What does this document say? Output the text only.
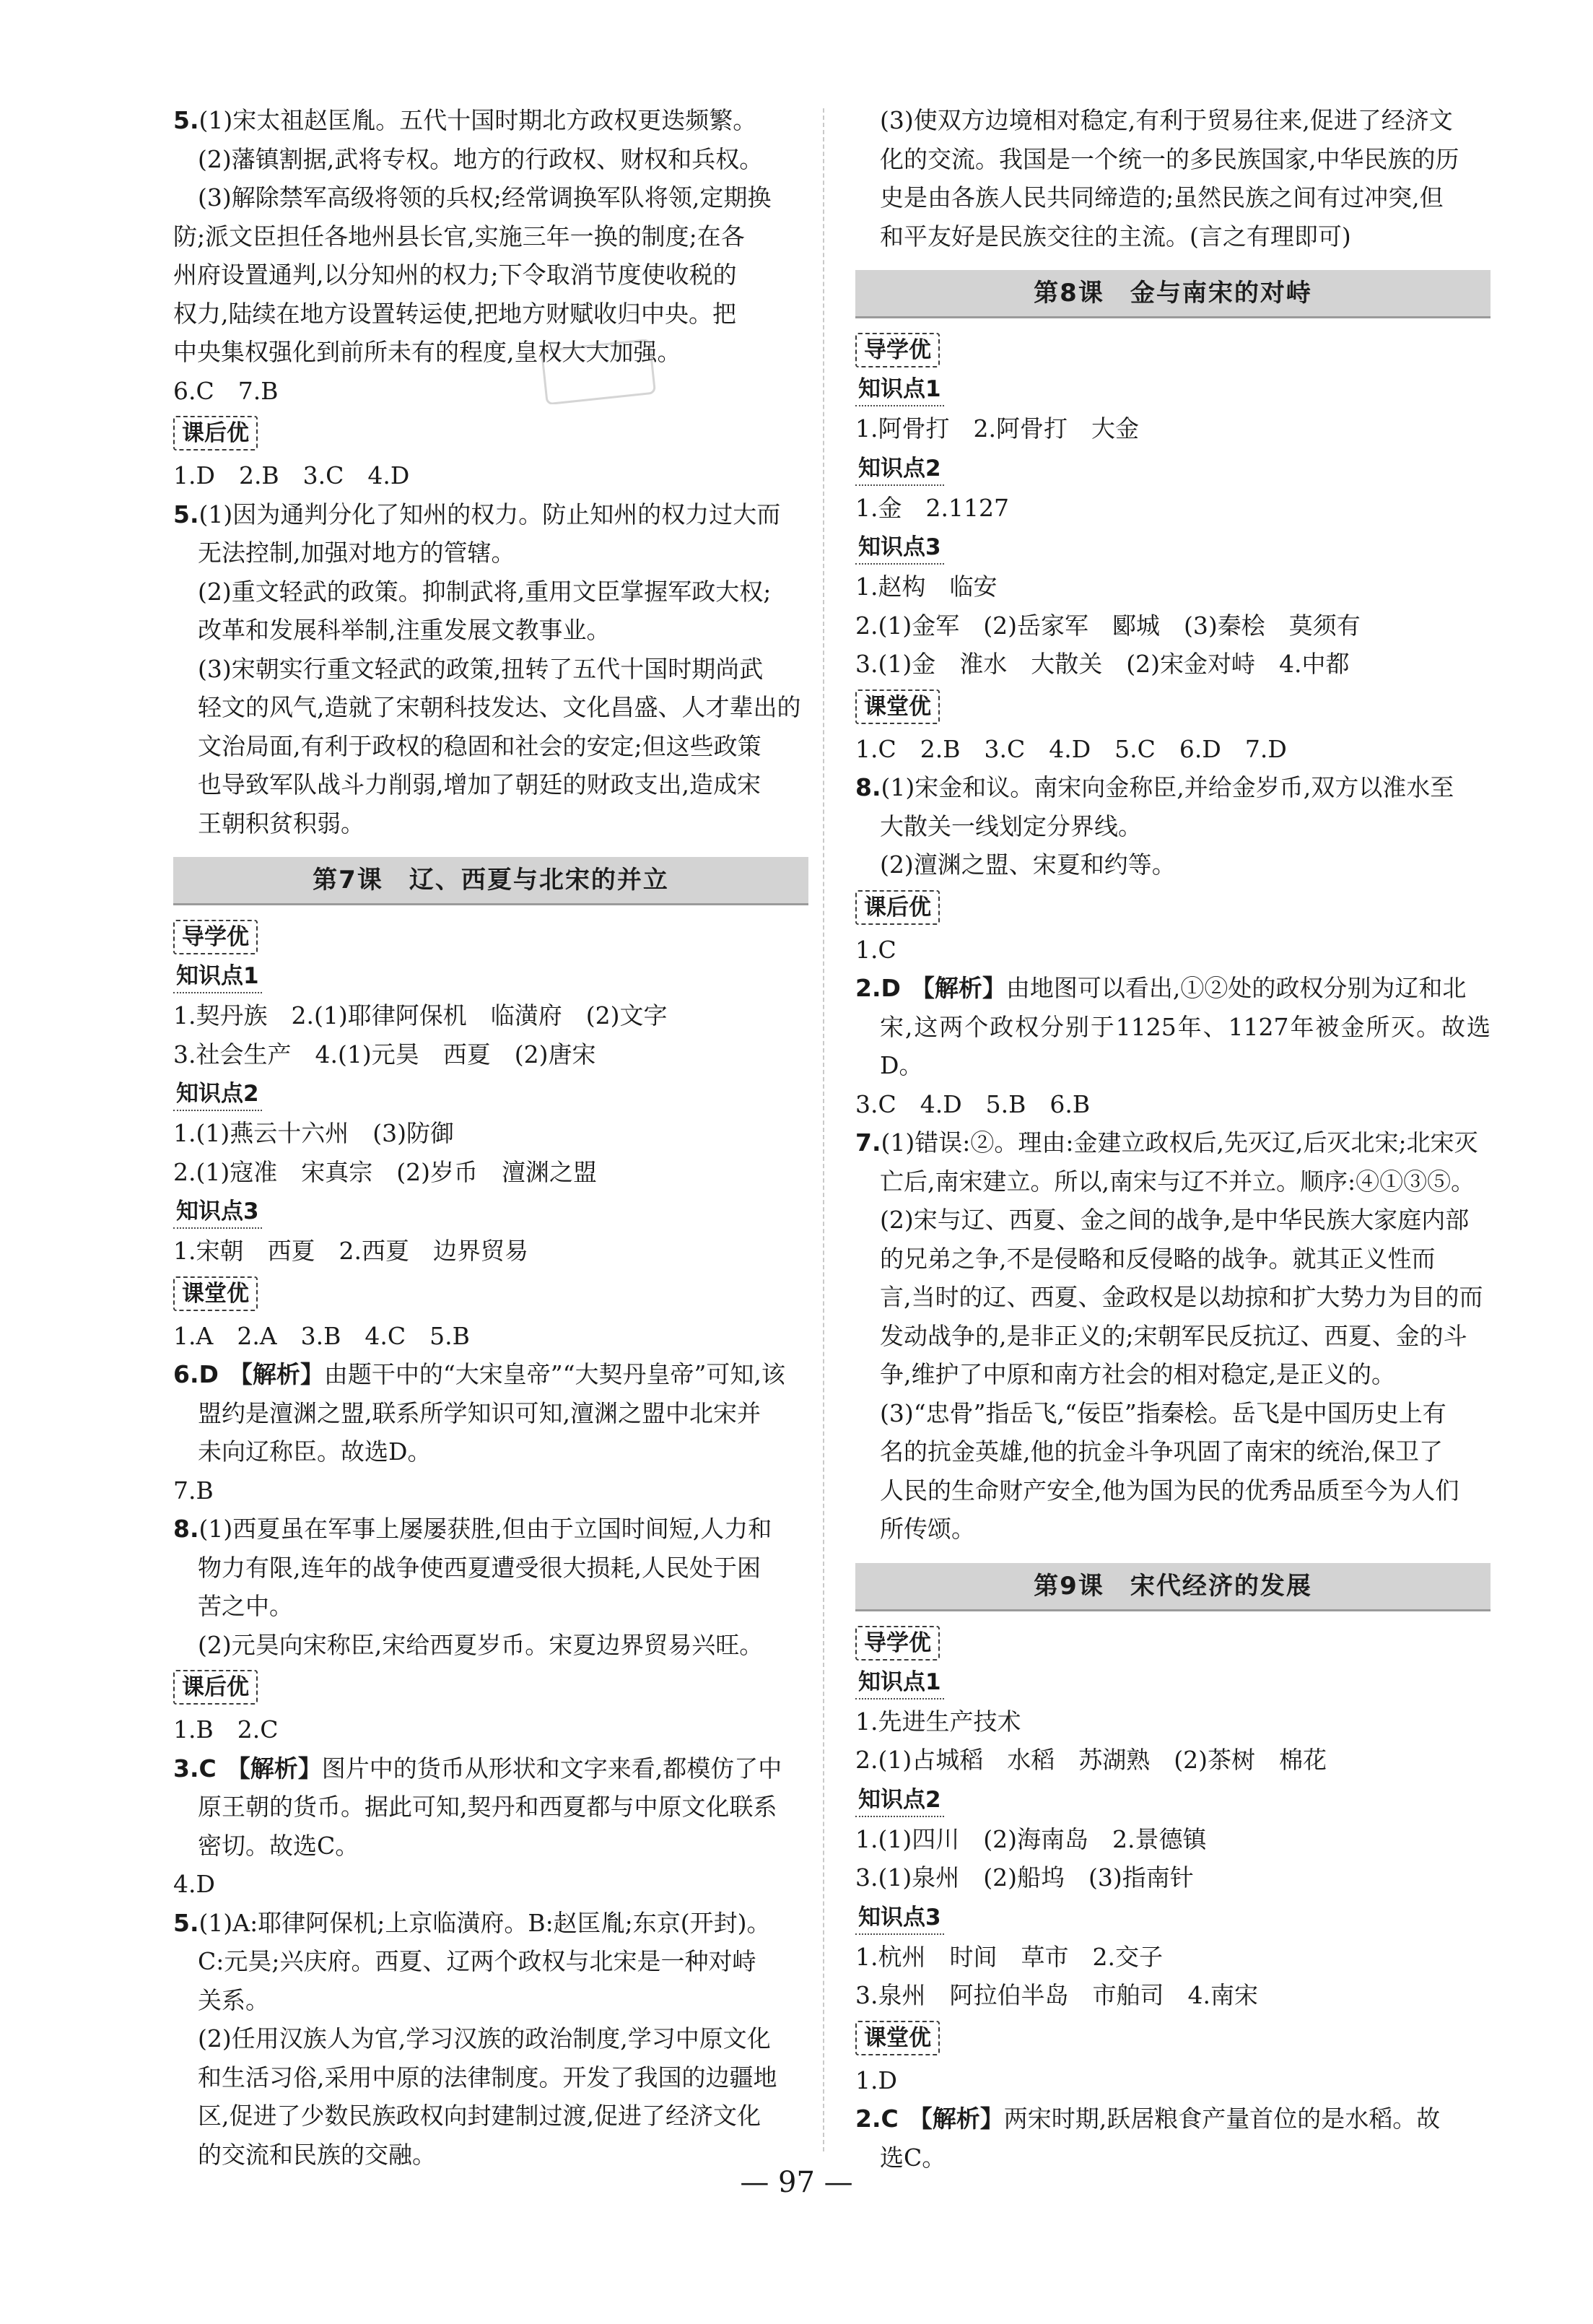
5.(1)宋太祖赵匡胤。五代十国时期北方政权更迭频繁。

(2)藩镇割据,武将专权。地方的行政权、财权和兵权。

(3)解除禁军高级将领的兵权;经常调换军队将领,定期换

防;派文臣担任各地州县长官,实施三年一换的制度;在各

州府设置通判,以分知州的权力;下令取消节度使收税的

权力,陆续在地方设置转运使,把地方财赋收归中央。把

中央集权强化到前所未有的程度,皇权大大加强。

6.C　7.B

课后优

1.D　2.B　3.C　4.D

5.(1)因为通判分化了知州的权力。防止知州的权力过大而

无法控制,加强对地方的管辖。

(2)重文轻武的政策。抑制武将,重用文臣掌握军政大权;

改革和发展科举制,注重发展文教事业。

(3)宋朝实行重文轻武的政策,扭转了五代十国时期尚武

轻文的风气,造就了宋朝科技发达、文化昌盛、人才辈出的

文治局面,有利于政权的稳固和社会的安定;但这些政策

也导致军队战斗力削弱,增加了朝廷的财政支出,造成宋

王朝积贫积弱。

第7课 辽、西夏与北宋的并立
导学优
知识点1

1.契丹族　2.(1)耶律阿保机　临潢府　(2)文字

3.社会生产　4.(1)元昊　西夏　(2)唐宋

知识点2

1.(1)燕云十六州　(3)防御

2.(1)寇准　宋真宗　(2)岁币　澶渊之盟

知识点3

1.宋朝　西夏　2.西夏　边界贸易

课堂优

1.A　2.A　3.B　4.C　5.B

6.D 【解析】由题干中的“大宋皇帝”“大契丹皇帝”可知,该

盟约是澶渊之盟,联系所学知识可知,澶渊之盟中北宋并

未向辽称臣。故选D。

7.B

8.(1)西夏虽在军事上屡屡获胜,但由于立国时间短,人力和

物力有限,连年的战争使西夏遭受很大损耗,人民处于困

苦之中。

(2)元昊向宋称臣,宋给西夏岁币。宋夏边界贸易兴旺。

课后优

1.B　2.C

3.C 【解析】图片中的货币从形状和文字来看,都模仿了中

原王朝的货币。据此可知,契丹和西夏都与中原文化联系

密切。故选C。

4.D

5.(1)A:耶律阿保机;上京临潢府。B:赵匡胤;东京(开封)。

C:元昊;兴庆府。西夏、辽两个政权与北宋是一种对峙

关系。

(2)任用汉族人为官,学习汉族的政治制度,学习中原文化

和生活习俗,采用中原的法律制度。开发了我国的边疆地

区,促进了少数民族政权向封建制过渡,促进了经济文化

的交流和民族的交融。

(3)使双方边境相对稳定,有利于贸易往来,促进了经济文

化的交流。我国是一个统一的多民族国家,中华民族的历

史是由各族人民共同缔造的;虽然民族之间有过冲突,但

和平友好是民族交往的主流。(言之有理即可)

第8课 金与南宋的对峙
导学优
知识点1

1.阿骨打　2.阿骨打　大金

知识点2

1.金　2.1127

知识点3

1.赵构　临安

2.(1)金军　(2)岳家军　郾城　(3)秦桧　莫须有

3.(1)金　淮水　大散关　(2)宋金对峙　4.中都

课堂优

1.C　2.B　3.C　4.D　5.C　6.D　7.D

8.(1)宋金和议。南宋向金称臣,并给金岁币,双方以淮水至

大散关一线划定分界线。

(2)澶渊之盟、宋夏和约等。

课后优

1.C

2.D 【解析】由地图可以看出,①②处的政权分别为辽和北

宋,这两个政权分别于1125年、1127年被金所灭。故选D。

3.C　4.D　5.B　6.B

7.(1)错误:②。理由:金建立政权后,先灭辽,后灭北宋;北宋灭

亡后,南宋建立。所以,南宋与辽不并立。顺序:④①③⑤。

(2)宋与辽、西夏、金之间的战争,是中华民族大家庭内部

的兄弟之争,不是侵略和反侵略的战争。就其正义性而

言,当时的辽、西夏、金政权是以劫掠和扩大势力为目的而

发动战争的,是非正义的;宋朝军民反抗辽、西夏、金的斗

争,维护了中原和南方社会的相对稳定,是正义的。

(3)“忠骨”指岳飞,“佞臣”指秦桧。岳飞是中国历史上有

名的抗金英雄,他的抗金斗争巩固了南宋的统治,保卫了

人民的生命财产安全,他为国为民的优秀品质至今为人们

所传颂。

第9课 宋代经济的发展
导学优
知识点1

1.先进生产技术

2.(1)占城稻　水稻　苏湖熟　(2)茶树　棉花

知识点2

1.(1)四川　(2)海南岛　2.景德镇

3.(1)泉州　(2)船坞　(3)指南针

知识点3

1.杭州　时间　草市　2.交子

3.泉州　阿拉伯半岛　市舶司　4.南宋

课堂优

1.D

2.C 【解析】两宋时期,跃居粮食产量首位的是水稻。故

选C。

— 97 —
